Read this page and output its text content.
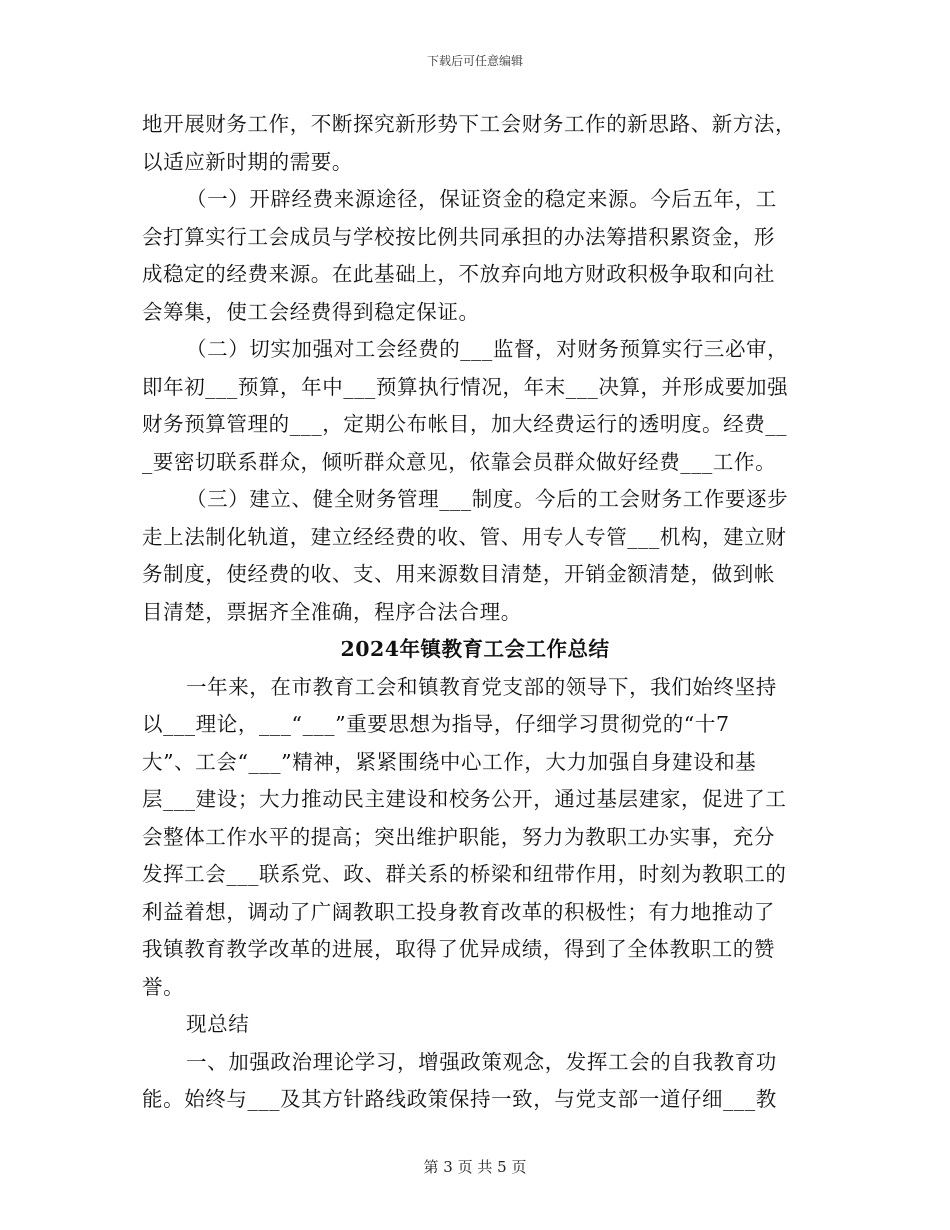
下载后可任意编辑
地开展财务工作，不断探究新形势下工会财务工作的新思路、新方法，
以适应新时期的需要。
（一）开辟经费来源途径，保证资金的稳定来源。今后五年，工
会打算实行工会成员与学校按比例共同承担的办法筹措积累资金，形
成稳定的经费来源。在此基础上，不放弃向地方财政积极争取和向社
会筹集，使工会经费得到稳定保证。
（二）切实加强对工会经费的___监督，对财务预算实行三必审，
即年初___预算，年中___预算执行情况，年末___决算，并形成要加强
财务预算管理的___，定期公布帐目，加大经费运行的透明度。经费__
_要密切联系群众，倾听群众意见，依靠会员群众做好经费___工作。
（三）建立、健全财务管理___制度。今后的工会财务工作要逐步
走上法制化轨道，建立经经费的收、管、用专人专管___机构，建立财
务制度，使经费的收、支、用来源数目清楚，开销金额清楚，做到帐
目清楚，票据齐全准确，程序合法合理。
2024年镇教育工会工作总结
一年来，在市教育工会和镇教育党支部的领导下，我们始终坚持
以___理论，___“___”重要思想为指导，仔细学习贯彻党的“十7
大”、工会“___”精神，紧紧围绕中心工作，大力加强自身建设和基
层___建设；大力推动民主建设和校务公开，通过基层建家，促进了工
会整体工作水平的提高；突出维护职能，努力为教职工办实事，充分
发挥工会___联系党、政、群关系的桥梁和纽带作用，时刻为教职工的
利益着想，调动了广阔教职工投身教育改革的积极性；有力地推动了
我镇教育教学改革的进展，取得了优异成绩，得到了全体教职工的赞
誉。
现总结
一、加强政治理论学习，增强政策观念，发挥工会的自我教育功
能。始终与___及其方针路线政策保持一致，与党支部一道仔细___教
第 3 页 共 5 页
